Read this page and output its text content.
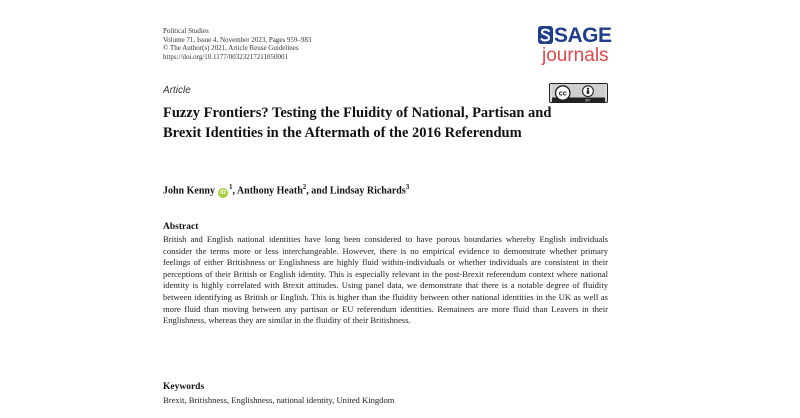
Political Studies
Volume 71, Issue 4, November 2023, Pages 959–983
© The Author(s) 2021, Article Reuse Guidelines
https://doi.org/10.1177/00323217211050001
SAGE
journals
Article	cc
BY
Fuzzy Frontiers? Testing the Fluidity of National, Partisan and Brexit Identities in the Aftermath of the 2016 Referendum
John Kenny $iD^1$, Anthony Heath$^2$, and Lindsay Richards$^3$
Abstract
British and English national identities have long been considered to have porous boundaries whereby English individuals consider the terms more or less interchangeable. However, there is no empirical evidence to demonstrate whether primary feelings of either Britishness or Englishness are highly fluid within-individuals or whether individuals are consistent in their perceptions of their British or English identity. This is especially relevant in the post-Brexit referendum context where national identity is highly correlated with Brexit attitudes. Using panel data, we demonstrate that there is a notable degree of fluidity between identifying as British or English. This is higher than the fluidity between other national identities in the UK as well as more fluid than moving between any partisan or EU referendum identities. Remainers are more fluid than Leavers in their Englishness, whereas they are similar in the fluidity of their Britishness.
Keywords
Brexit, Britishness, Englishness, national identity, United Kingdom
